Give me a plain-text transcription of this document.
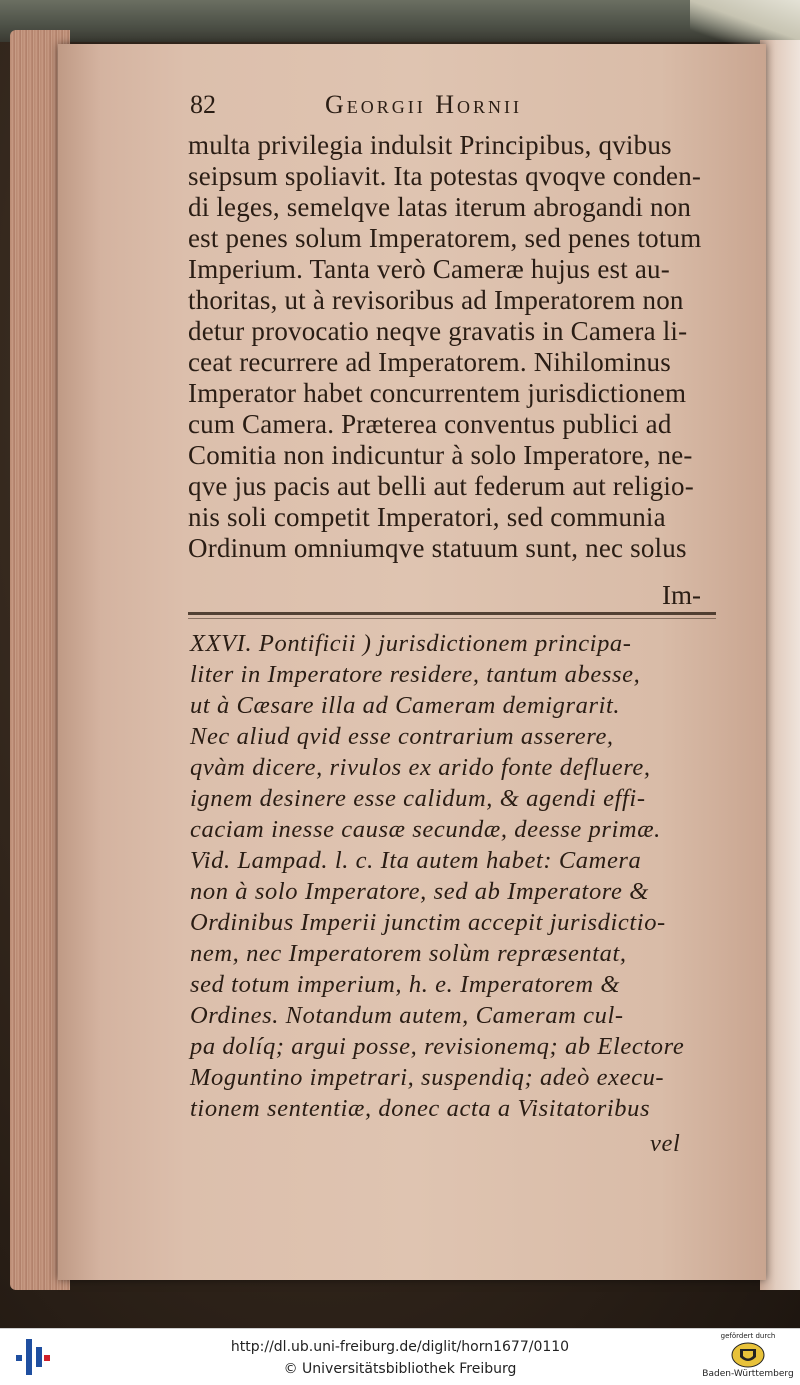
82	Georgii Hornii
multa privilegia indulsit Principibus, qvibus
seipsum spoliavit. Ita potestas qvoqve conden-
di leges, semelqve latas iterum abrogandi non
est penes solum Imperatorem, sed penes totum
Imperium. Tanta verò Cameræ hujus est au-
thoritas, ut à revisoribus ad Imperatorem non
detur provocatio neqve gravatis in Camera li-
ceat recurrere ad Imperatorem. Nihilominus
Imperator habet concurrentem jurisdictionem
cum Camera. Præterea conventus publici ad
Comitia non indicuntur à solo Imperatore, ne-
qve jus pacis aut belli aut federum aut religio-
nis soli competit Imperatori, sed communia
Ordinum omniumqve statuum sunt, nec solus
Im-
XXVI. Pontificii ) jurisdictionem principa-
liter in Imperatore residere, tantum abesse,
ut à Cæsare illa ad Cameram demigrarit.
Nec aliud qvid esse contrarium asserere,
qvàm dicere, rivulos ex arido fonte defluere,
ignem desinere esse calidum, & agendi effi-
caciam inesse causæ secundæ, deesse primæ.
Vid. Lampad. l. c. Ita autem habet: Camera
non à solo Imperatore, sed ab Imperatore &
Ordinibus Imperii junctim accepit jurisdictio-
nem, nec Imperatorem solùm repræsentat,
sed totum imperium, h. e. Imperatorem &
Ordines. Notandum autem, Cameram cul-
pa dolíq; argui posse, revisionemq; ab Electore
Moguntino impetrari, suspendiq; adeò execu-
tionem sententiæ, donec acta a Visitatoribus
vel
http://dl.ub.uni-freiburg.de/diglit/horn1677/0110
© Universitätsbibliothek Freiburg
gefördert durch
Baden-Württemberg
